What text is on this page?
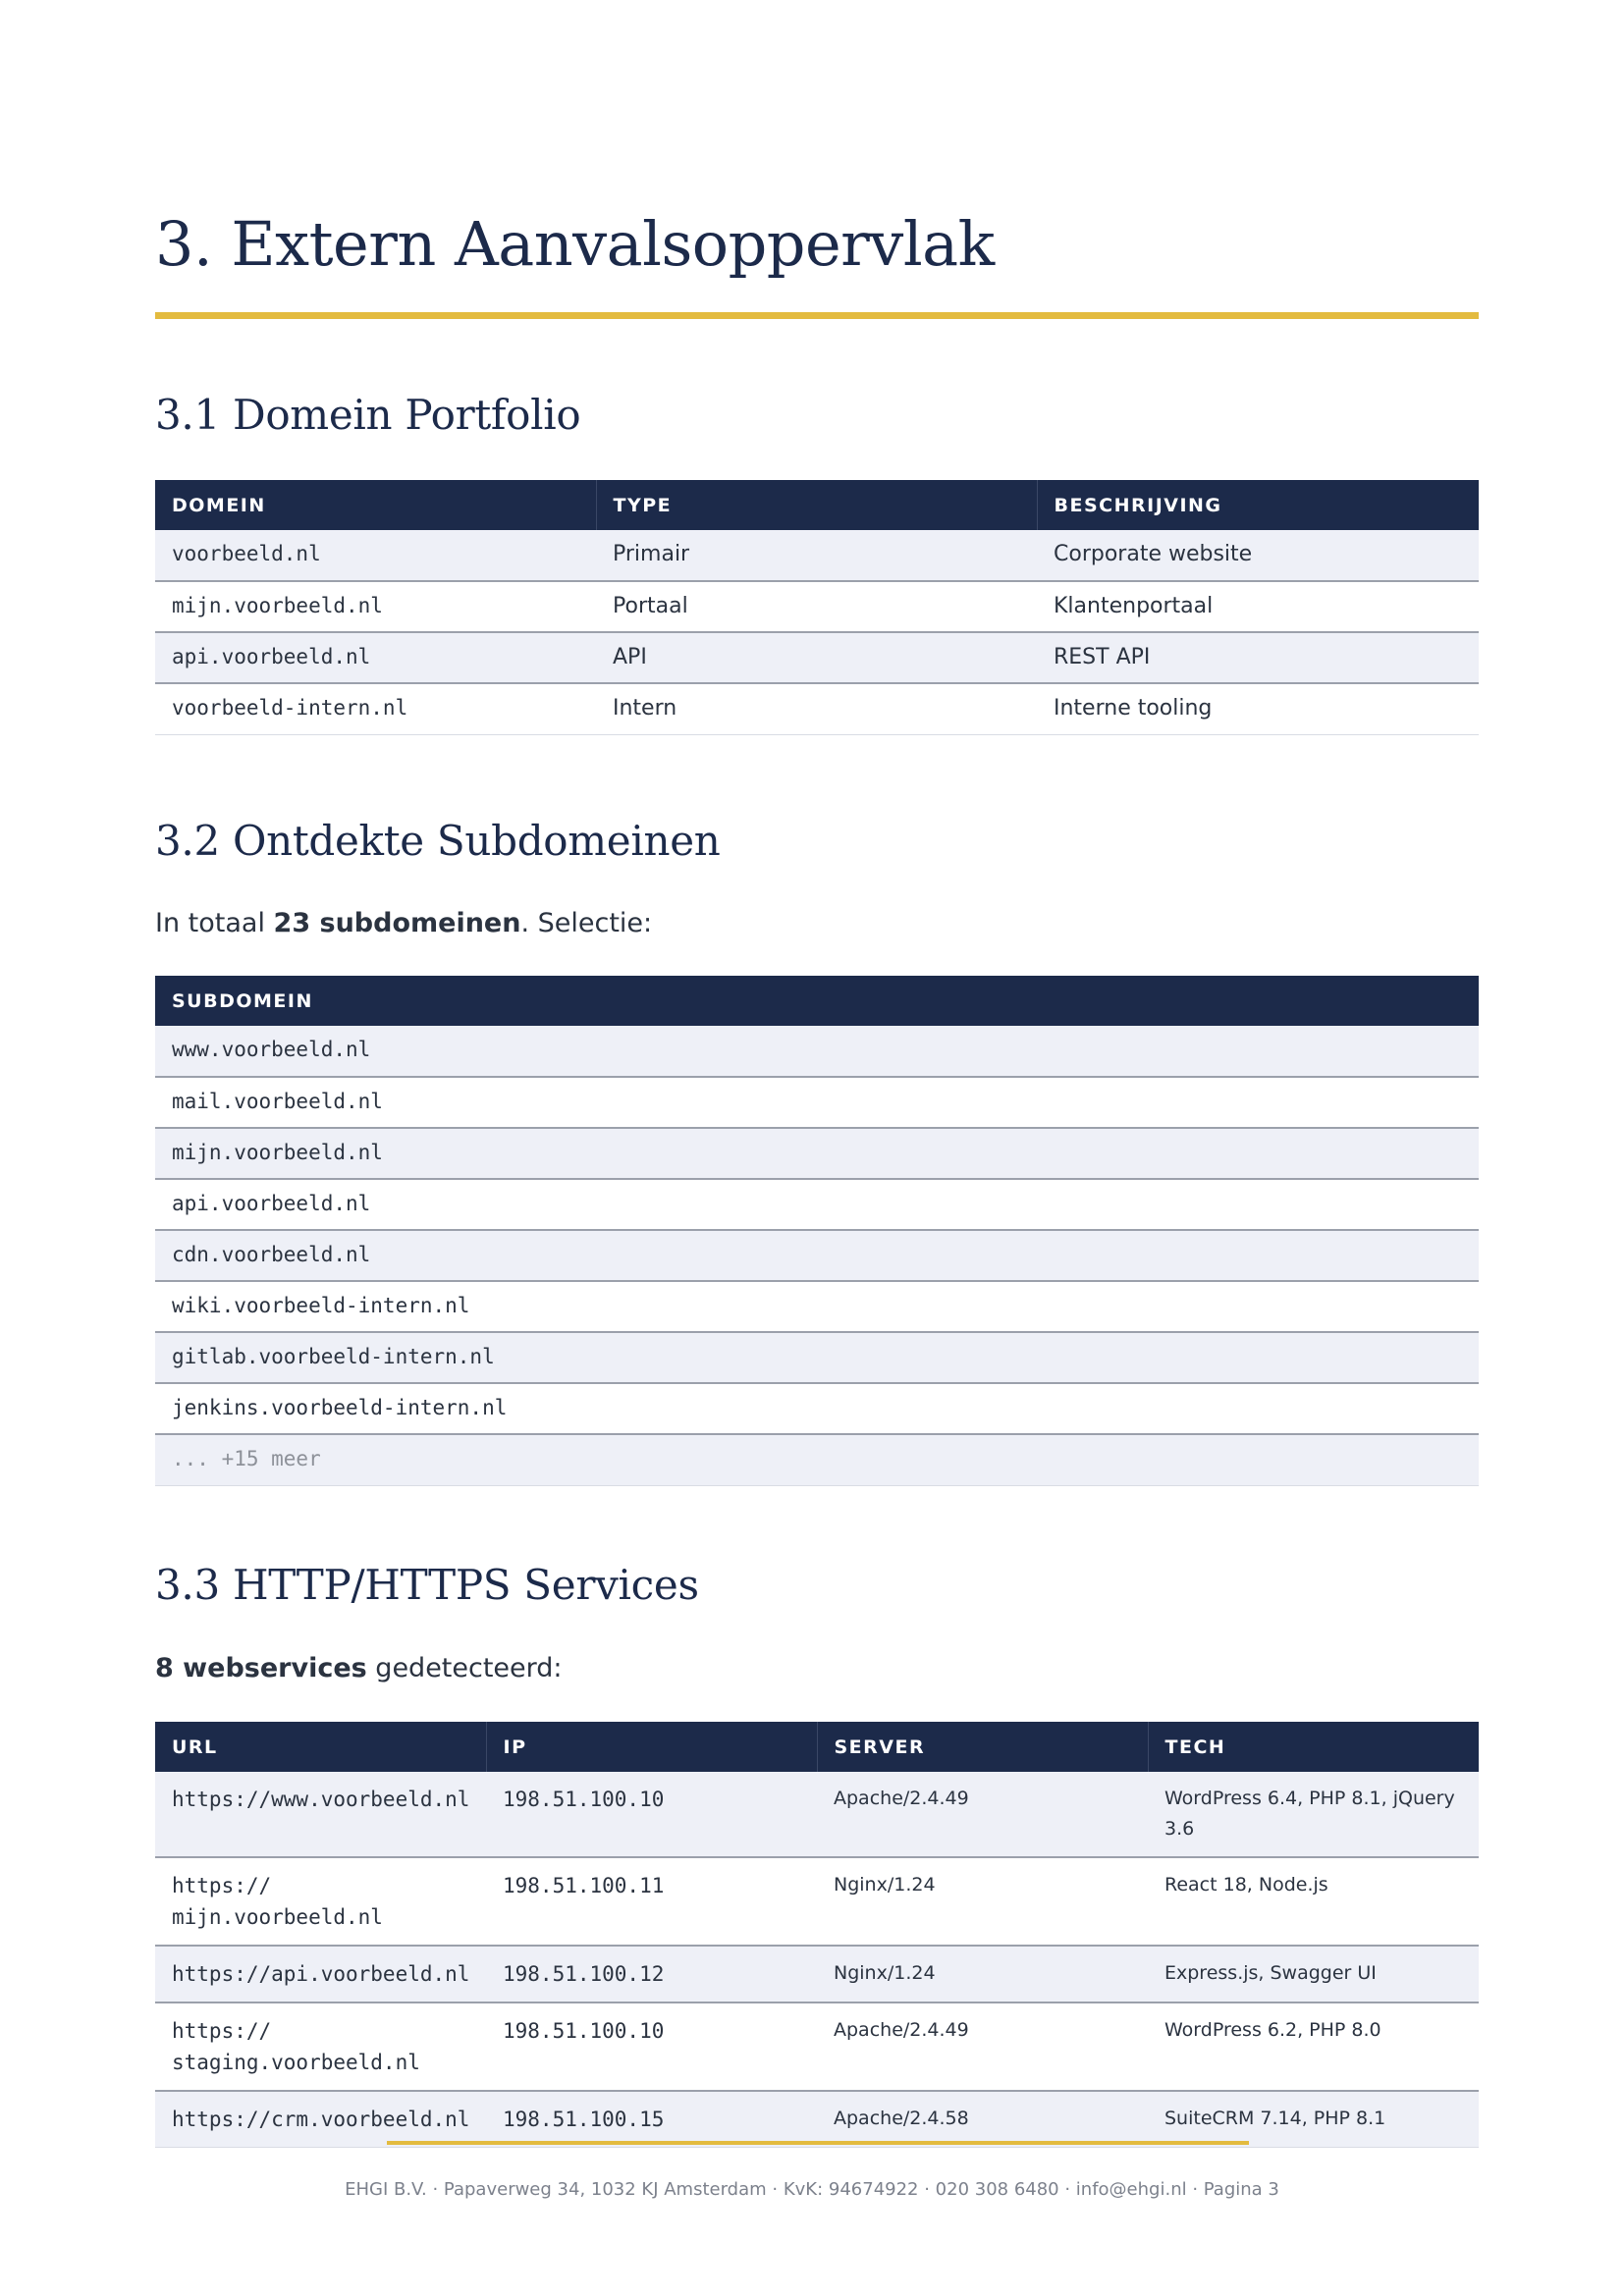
3. Extern Aanvalsoppervlak
3.1 Domein Portfolio
DOMEIN	TYPE	BESCHRIJVING
voorbeeld.nl	Primair	Corporate website
mijn.voorbeeld.nl	Portaal	Klantenportaal
api.voorbeeld.nl	API	REST API
voorbeeld-intern.nl	Intern	Interne tooling
3.2 Ontdekte Subdomeinen
In totaal 23 subdomeinen. Selectie:
SUBDOMEIN
www.voorbeeld.nl
mail.voorbeeld.nl
mijn.voorbeeld.nl
api.voorbeeld.nl
cdn.voorbeeld.nl
wiki.voorbeeld-intern.nl
gitlab.voorbeeld-intern.nl
jenkins.voorbeeld-intern.nl
... +15 meer
3.3 HTTP/HTTPS Services
8 webservices gedetecteerd:
URL	IP	SERVER	TECH
https://www.voorbeeld.nl	198.51.100.10	Apache/2.4.49	WordPress 6.4, PHP 8.1, jQuery 3.6
https:// mijn.voorbeeld.nl	198.51.100.11	Nginx/1.24	React 18, Node.js
https://api.voorbeeld.nl	198.51.100.12	Nginx/1.24	Express.js, Swagger UI
https:// staging.voorbeeld.nl	198.51.100.10	Apache/2.4.49	WordPress 6.2, PHP 8.0
https://crm.voorbeeld.nl	198.51.100.15	Apache/2.4.58	SuiteCRM 7.14, PHP 8.1
EHGI B.V. · Papaverweg 34, 1032 KJ Amsterdam · KvK: 94674922 · 020 308 6480 · info@ehgi.nl · Pagina 3
